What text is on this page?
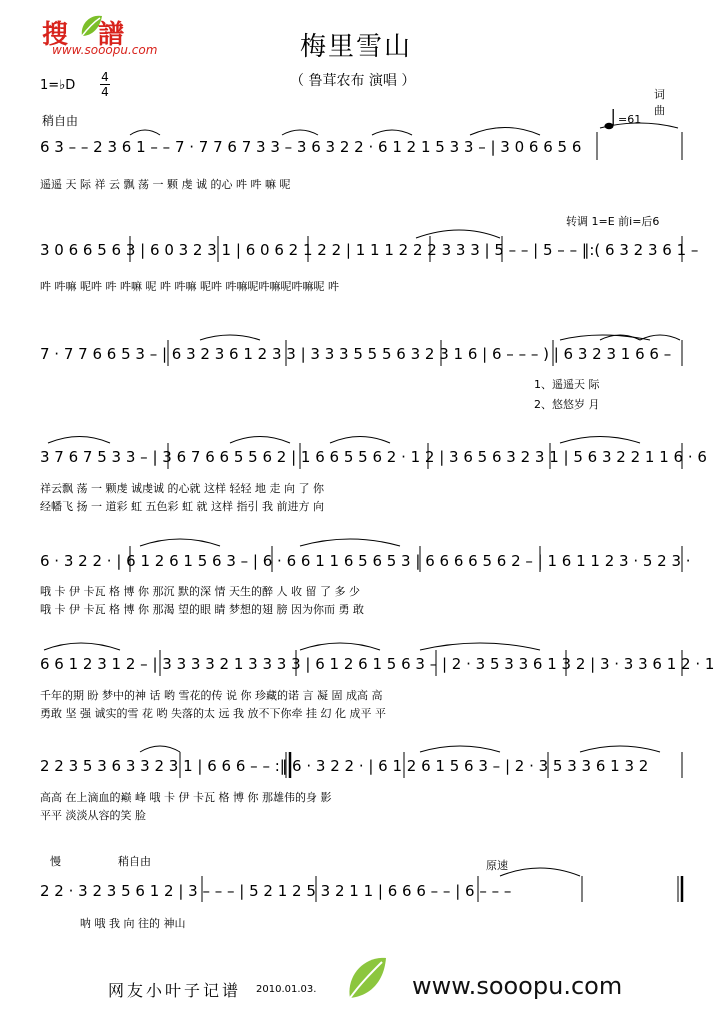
搜 譜
www.sooopu.com	梅里雪山
（ 鲁茸农布 演唱 ）
1=♭D
4
4	词
曲
=61
稍自由
6 3 – – 2 3 6 1 – – 7 · 7 7 6 7 3 3 – 3 6 3 2 2 · 6 1 2 1 5 3 3 – | 3 0 6 6 5 6
遥遥 天 际 祥 云 飘 荡 一 颗 虔 诚 的心 吽 吽 嘛 呢
转调 1=E 前i=后6
3 0 6 6 5 6 3 | 6 0 3 2 3 1 | 6 0 6 2 1 2 2 | 1 1 1 2 2 2 3 3 3 | 5 – – | 5 – – ‖:( 6 3 2 3 6 1 –
吽 吽嘛 呢吽 吽 吽嘛 呢 吽 吽嘛 呢吽 吽嘛呢吽嘛呢吽嘛呢 吽
7 · 7 7 6 6 5 3 – | 6 3 2 3 6 1 2 3 3 | 3 3 3 5 5 5 6 3 2 3 1 6 | 6 – – – ) | 6 3 2 3 1 6 6 –
1、遥遥天 际
2、悠悠岁 月
3 7 6 7 5 3 3 – | 3 6 7 6 6 5 5 6 2 | 1 6 6 5 5 6 2 · 1 2 | 3 6 5 6 3 2 3 1 | 5 6 3 2 2 1 1 6 · 6
祥云飘 荡 一 颗虔 诚虔诚 的心就 这样 轻轻 地 走 向 了 你
经幡飞 扬 一 道彩 虹 五色彩 虹 就 这样 指引 我 前进方 向
6 · 3 2 2 · | 6 1 2 6 1 5 6 3 – | 6 · 6 6 1 1 6 5 6 5 3 | 6 6 6 6 5 6 2 – | 1 6 1 1 2 3 · 5 2 3 ·
哦 卡 伊 卡瓦 格 博 你 那沉 默的深 情 天生的醉 人 收 留 了 多 少
哦 卡 伊 卡瓦 格 博 你 那渴 望的眼 睛 梦想的翅 膀 因为你而 勇 敢
6 6 1 2 3 1 2 – | 3 3 3 3 2 1 3 3 3 3 | 6 1 2 6 1 5 6 3 – | 2 · 3 5 3 3 6 1 3 2 | 3 · 3 3 6 1 2 · 1
千年的期 盼 梦中的神 话 哟 雪花的传 说 你 珍藏的诺 言 凝 固 成高 高
勇敢 坚 强 诚实的雪 花 哟 失落的太 远 我 放不下你牵 挂 幻 化 成平 平
2 2 3 5 3 6 3 3 2 3 1 | 6 6 6 – – :‖ 6 · 3 2 2 · | 6 1 2 6 1 5 6 3 – | 2 · 3 5 3 3 6 1 3 2
高高 在上滴血的巅 峰 哦 卡 伊 卡瓦 格 博 你 那雄伟的身 影
平平 淡淡从容的笑 脸
慢	稍自由	原速
2 2 · 3 2 3 5 6 1 2 | 3 – – – | 5 2 1 2 5 3 2 1 1 | 6 6 6 – – | 6 – – –
呐 哦 我 向 往的 神山
网友小叶子记谱 2010.01.03.	www.sooopu.com
